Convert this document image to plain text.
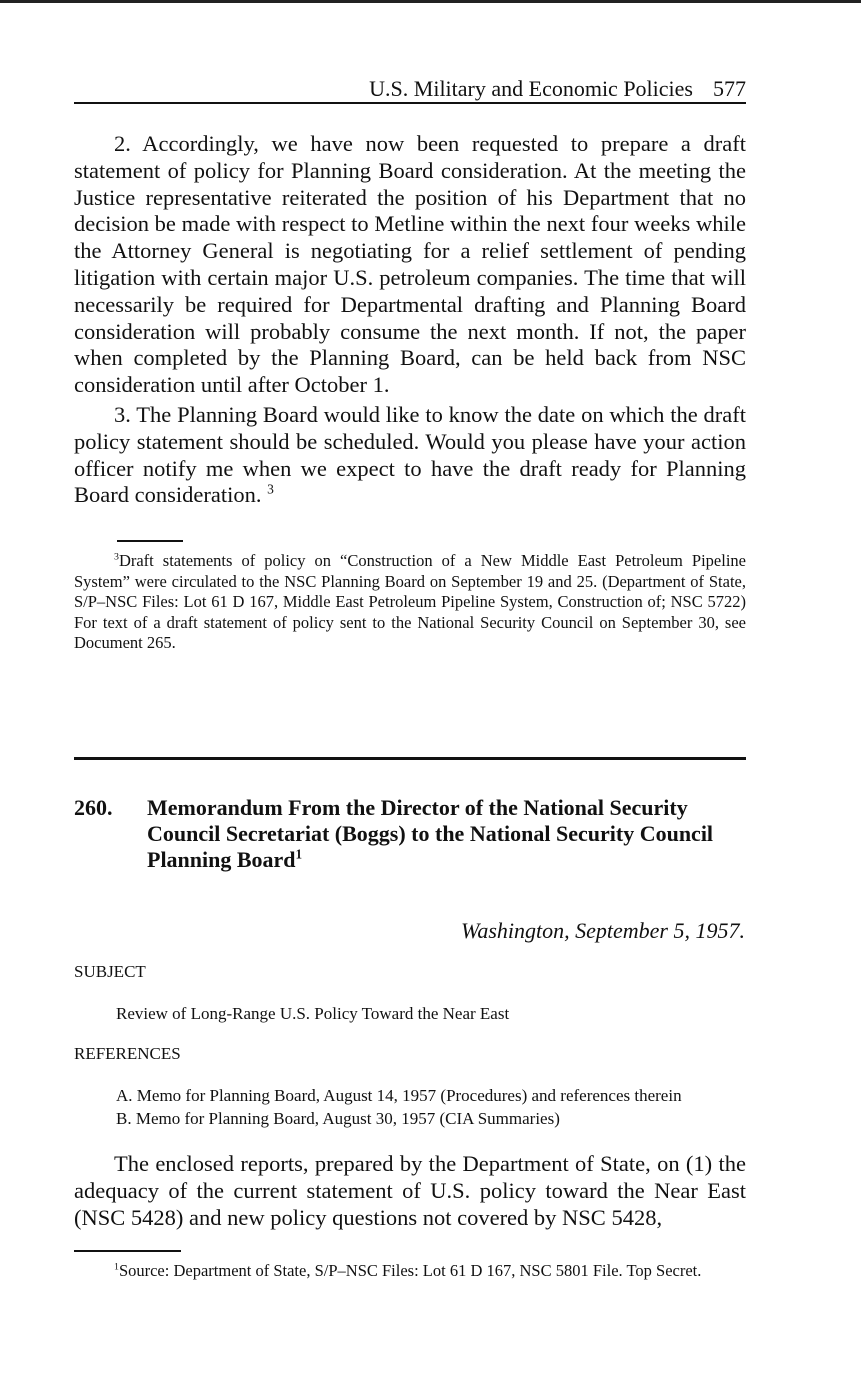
U.S. Military and Economic Policies 577

2. Accordingly, we have now been requested to prepare a draft statement of policy for Planning Board consideration. At the meeting the Justice representative reiterated the position of his Department that no decision be made with respect to Metline within the next four weeks while the Attorney General is negotiating for a relief settlement of pending litigation with certain major U.S. petroleum companies. The time that will necessarily be required for Departmental drafting and Planning Board consideration will probably consume the next month. If not, the paper when completed by the Planning Board, can be held back from NSC consideration until after October 1.

3. The Planning Board would like to know the date on which the draft policy statement should be scheduled. Would you please have your action officer notify me when we expect to have the draft ready for Planning Board consideration. $^3$

$^3$Draft statements of policy on “Construction of a New Middle East Petroleum Pipeline System” were circulated to the NSC Planning Board on September 19 and 25. (Department of State, S/P–NSC Files: Lot 61 D 167, Middle East Petroleum Pipeline System, Construction of; NSC 5722) For text of a draft statement of policy sent to the National Security Council on September 30, see Document 265.

260. Memorandum From the Director of the National Security Council Secretariat (Boggs) to the National Security Council Planning Board$^1$
Washington, September 5, 1957.
SUBJECT
Review of Long-Range U.S. Policy Toward the Near East
REFERENCES
A. Memo for Planning Board, August 14, 1957 (Procedures) and references therein
B. Memo for Planning Board, August 30, 1957 (CIA Summaries)

The enclosed reports, prepared by the Department of State, on (1) the adequacy of the current statement of U.S. policy toward the Near East (NSC 5428) and new policy questions not covered by NSC 5428,

$^1$Source: Department of State, S/P–NSC Files: Lot 61 D 167, NSC 5801 File. Top Secret.
